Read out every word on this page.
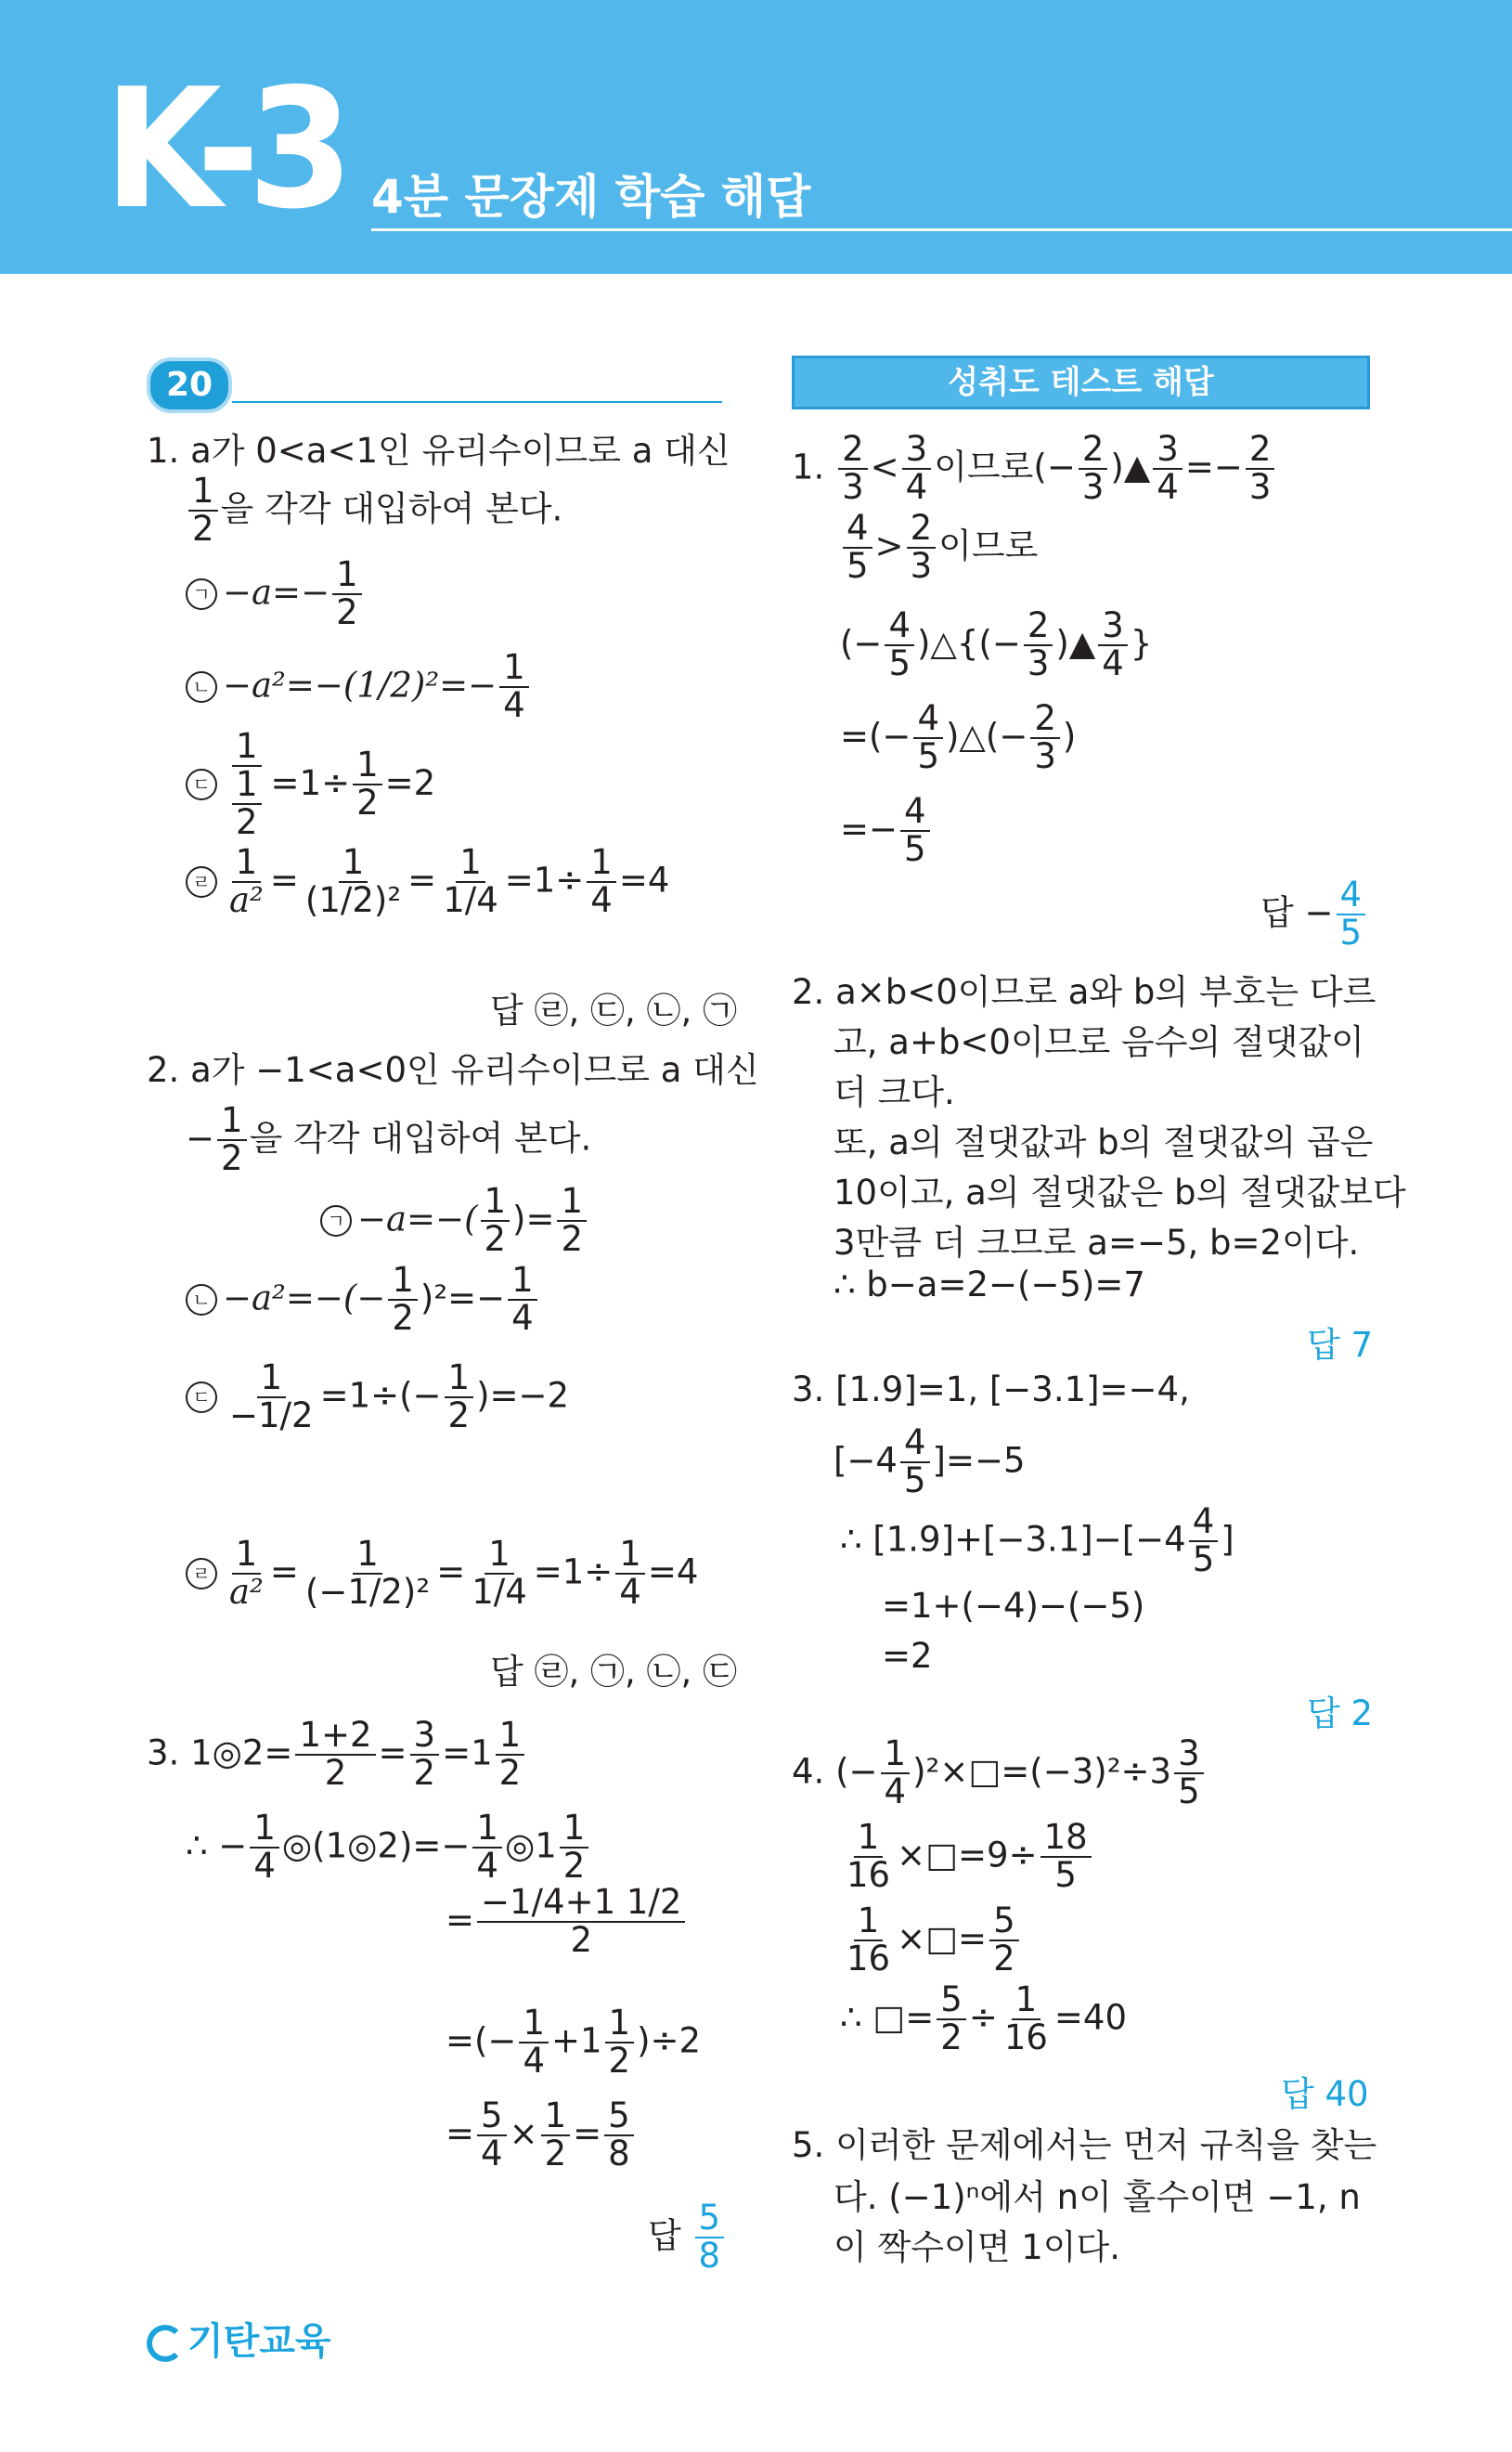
K-3 4분 문장제 학습 해답
20
1. a가 0<a<1인 유리수이므로 a 대신
$\frac{1}{2}$ 을 각각 대입하여 본다.
ㄱ $-a=- \frac{1}{2}$
ㄴ $-a^2=-(1/2)^2=- \frac{1}{4}$
ㄷ $\frac{1}{\frac{1}{2}} =1\div \frac{1}{2} =2$
ㄹ $\frac{1}{\text{a²}} = \frac{1}{\text{(1/2)²}} = \frac{1}{1/4} =1\div \frac{1}{4} =4$
답 ㉣, ㉢, ㉡, ㉠
2. a가 −1<a<0인 유리수이므로 a 대신
− $\frac{1}{2}$ 을 각각 대입하여 본다.
ㄱ $-a=-( \frac{1}{2}$ )= $\frac{1}{2}$
ㄴ $-a^2=-(- \frac{1}{2} )^2=- \frac{1}{4}$
ㄷ $\frac{1}{-1/2} =1\div(- \frac{1}{2} )=-2$
ㄹ $\frac{1}{\text{a²}} = \frac{1}{\text{(−1/2)²}} = \frac{1}{1/4} =1\div \frac{1}{4} =4$
답 ㉣, ㉠, ㉡, ㉢
3. 1◎2= $\frac{1+2}{2} = \frac{3}{2} =1 \frac{1}{2}$
∴ − $\frac{1}{4}$ ◎(1◎2)=− $\frac{1}{4}$ ◎1 $\frac{1}{2}$
= $\frac{-1/4+1 1/2}{2}$
=(− $\frac{1}{4} +1 \frac{1}{2} )\div 2$
= $\frac{5}{4} \times \frac{1}{2} = \frac{5}{8}$
답 $\frac{5}{8}$
기탄교육
성취도 테스트 해답
1. $\frac{2}{3} < \frac{3}{4}$ 이므로(− $\frac{2}{3}$ )▲ $\frac{3}{4} =- \frac{2}{3}$
$\frac{4}{5} > \frac{2}{3}$ 이므로
(− $\frac{4}{5}$ )△{(− $\frac{2}{3}$ )▲ $\frac{3}{4}$ }
=(− $\frac{4}{5}$ )△(− $\frac{2}{3}$ )
=− $\frac{4}{5}$
답 − $\frac{4}{5}$
2. a×b<0이므로 a와 b의 부호는 다르
고, a+b<0이므로 음수의 절댓값이
더 크다.
또, a의 절댓값과 b의 절댓값의 곱은
10이고, a의 절댓값은 b의 절댓값보다
3만큼 더 크므로 a=−5, b=2이다.
∴ b−a=2−(−5)=7
답 7
3. [1.9]=1, [−3.1]=−4,
$[-4 \frac{4}{5} ]=-5$
∴ $[1.9]+[-3.1]-[-4 \frac{4}{5}$ ]
=1+(−4)−(−5)
=2
답 2
4. (− $\frac{1}{4}$ )²×□=(−3)²÷3 $\frac{3}{5}$
$\frac{1}{16}$ ×□=9÷ $\frac{18}{5}$
$\frac{1}{16}$ ×□= $\frac{5}{2}$
∴ □= $\frac{5}{2} \div \frac{1}{16} =40$
답 40
5. 이러한 문제에서는 먼저 규칙을 찾는
다. (−1)ⁿ에서 n이 홀수이면 −1, n
이 짝수이면 1이다.
